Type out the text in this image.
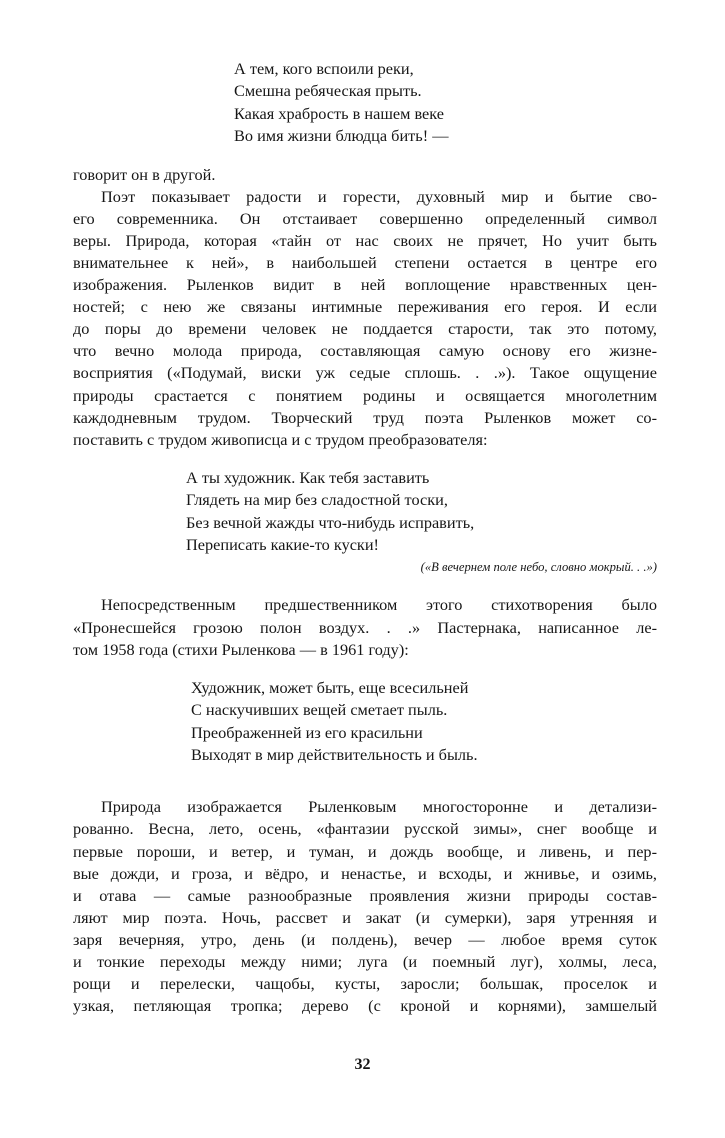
А тем, кого вспоили реки,
Смешна ребяческая прыть.
Какая храбрость в нашем веке
Во имя жизни блюдца бить! —
говорит он в другой.
Поэт показывает радости и горести, духовный мир и бытие сво-
его современника. Он отстаивает совершенно определенный символ
веры. Природа, которая «тайн от нас своих не прячет, Но учит быть
внимательнее к ней», в наибольшей степени остается в центре его
изображения. Рыленков видит в ней воплощение нравственных цен-
ностей; с нею же связаны интимные переживания его героя. И если
до поры до времени человек не поддается старости, так это потому,
что вечно молода природа, составляющая самую основу его жизне-
восприятия («Подумай, виски уж седые сплошь. . .»). Такое ощущение
природы срастается с понятием родины и освящается многолетним
каждодневным трудом. Творческий труд поэта Рыленков может со-
поставить с трудом живописца и с трудом преобразователя:
А ты художник. Как тебя заставить
Глядеть на мир без сладостной тоски,
Без вечной жажды что-нибудь исправить,
Переписать какие-то куски!
(«В вечернем поле небо, словно мокрый. . .»)
Непосредственным предшественником этого стихотворения было
«Пронесшейся грозою полон воздух. . .» Пастернака, написанное ле-
том 1958 года (стихи Рыленкова — в 1961 году):
Художник, может быть, еще всесильней
С наскучивших вещей сметает пыль.
Преображенней из его красильни
Выходят в мир действительность и быль.
Природа изображается Рыленковым многосторонне и детализи-
рованно. Весна, лето, осень, «фантазии русской зимы», снег вообще и
первые пороши, и ветер, и туман, и дождь вообще, и ливень, и пер-
вые дожди, и гроза, и вёдро, и ненастье, и всходы, и жнивье, и озимь,
и отава — самые разнообразные проявления жизни природы состав-
ляют мир поэта. Ночь, рассвет и закат (и сумерки), заря утренняя и
заря вечерняя, утро, день (и полдень), вечер — любое время суток
и тонкие переходы между ними; луга (и поемный луг), холмы, леса,
рощи и перелески, чащобы, кусты, заросли; большак, проселок и
узкая, петляющая тропка; дерево (с кроной и корнями), замшелый
32
